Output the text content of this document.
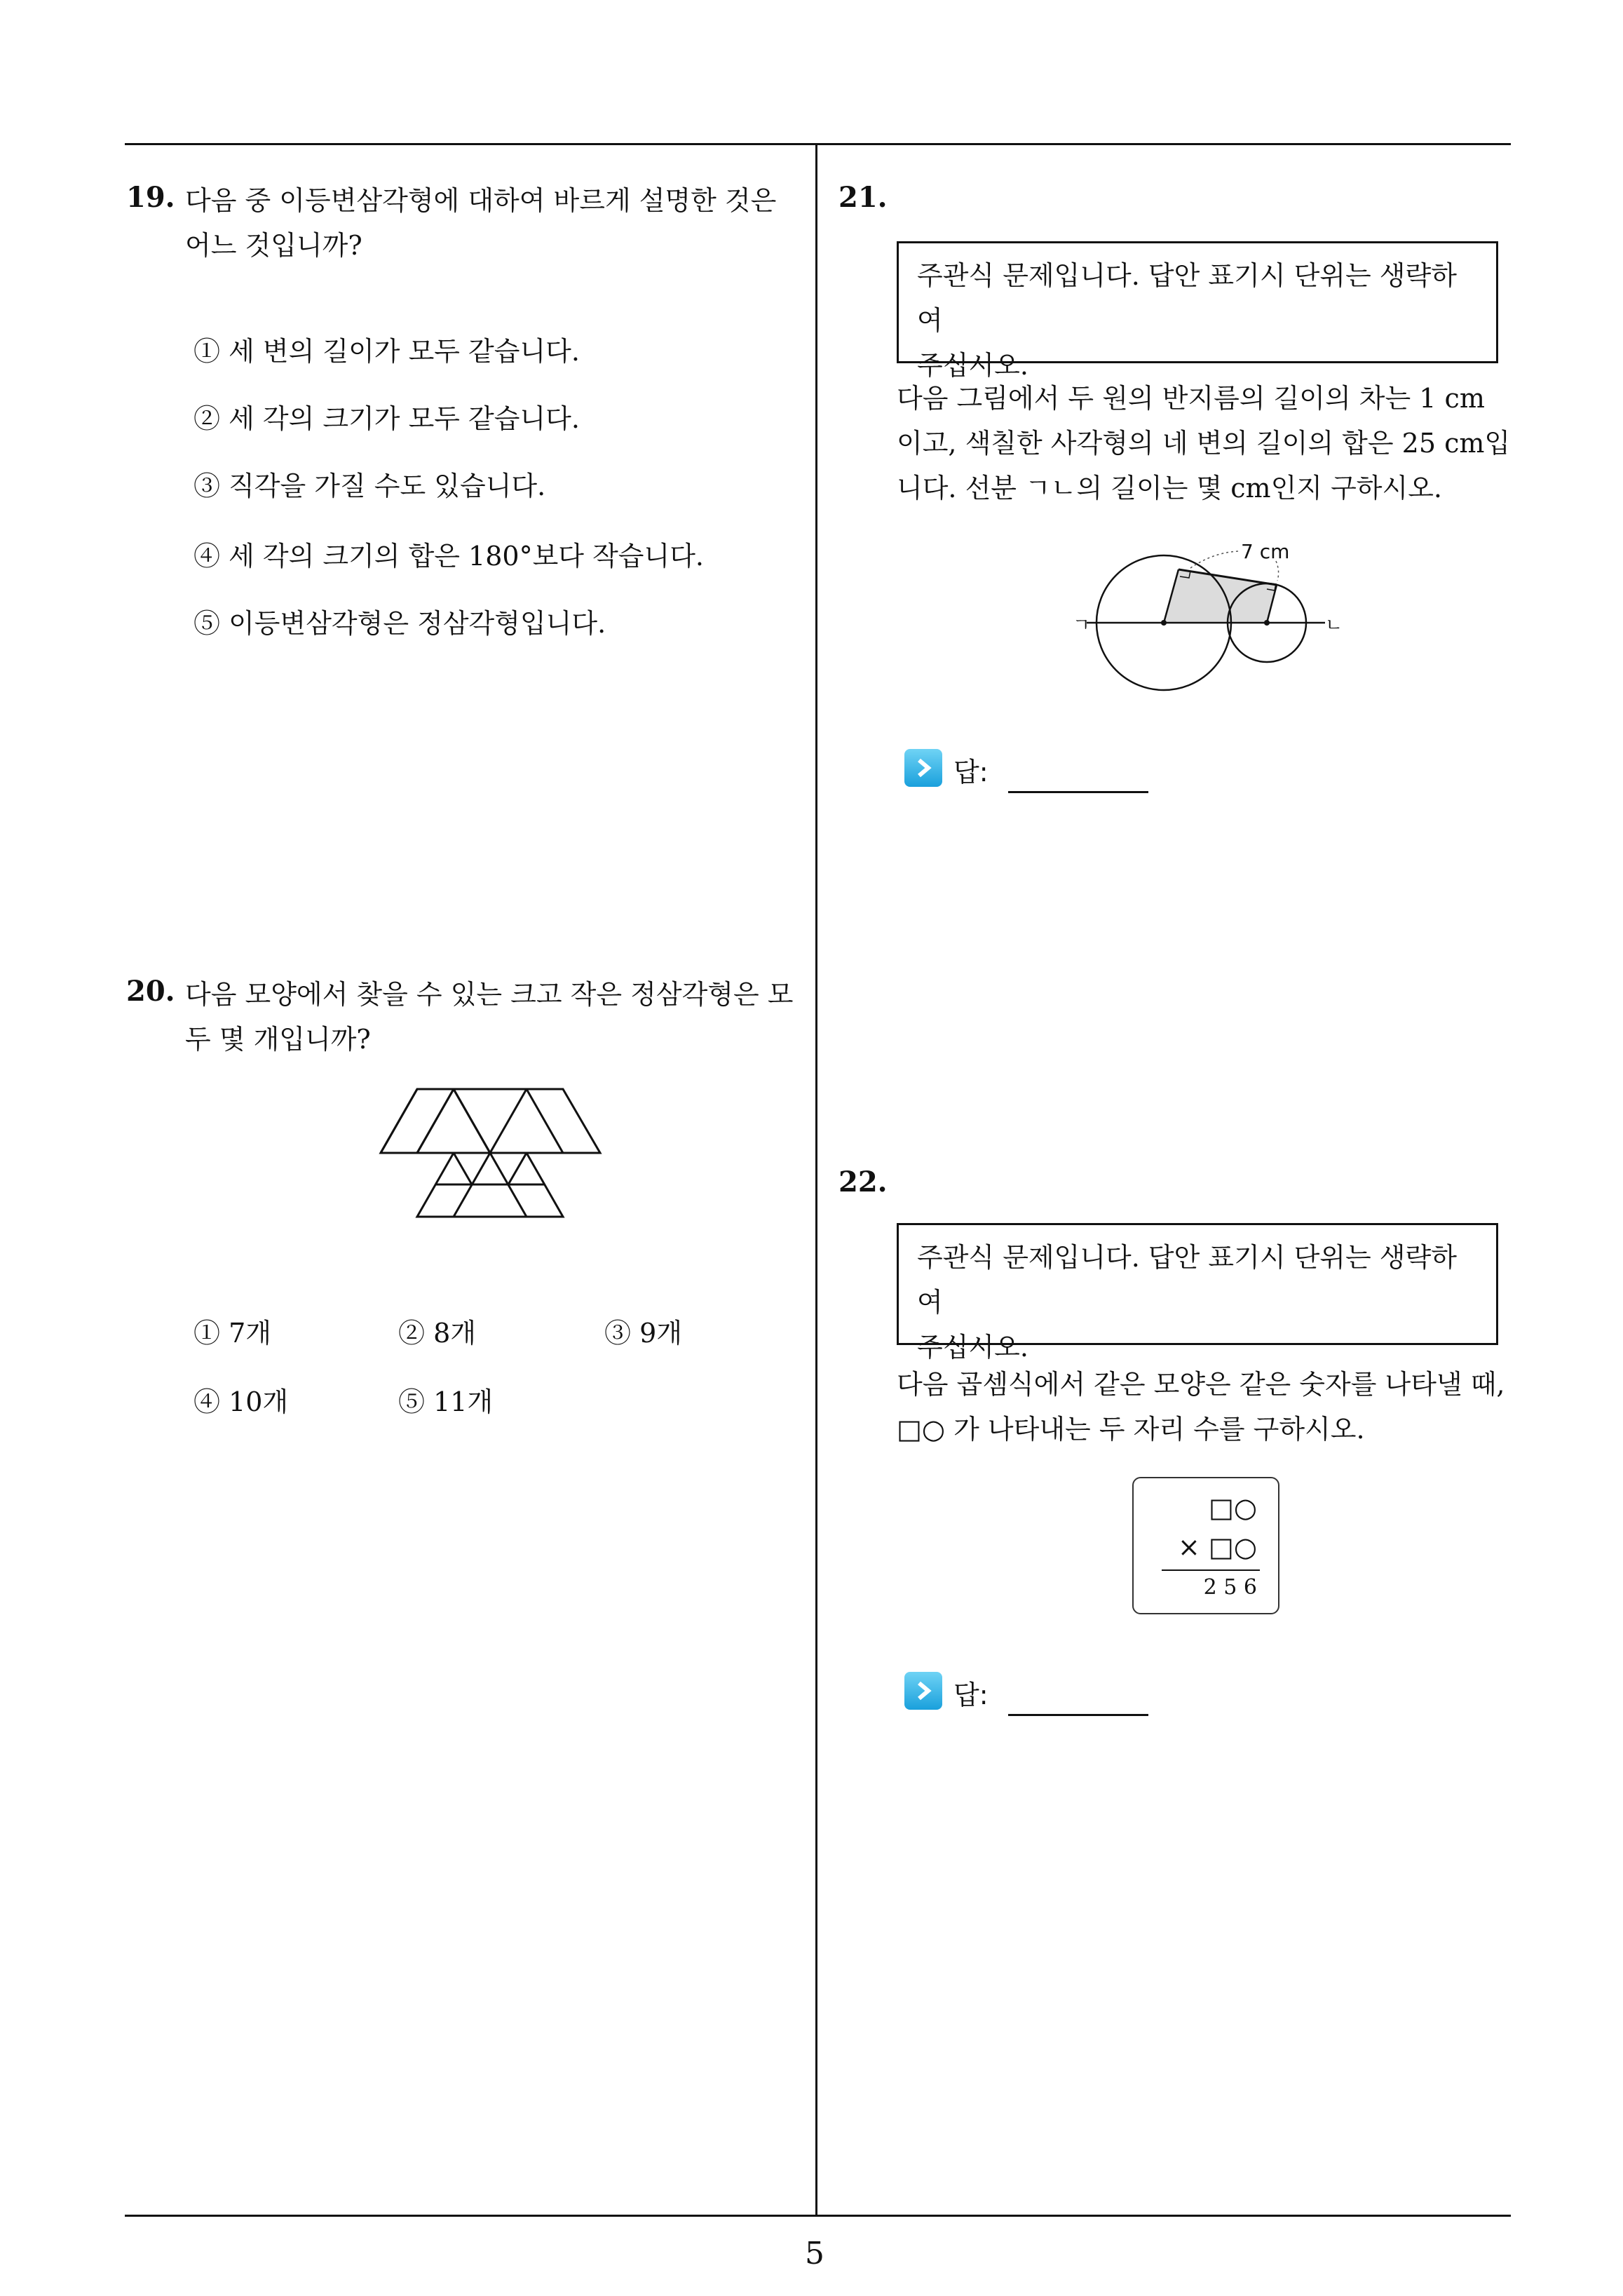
19. 다음 중 이등변삼각형에 대하여 바르게 설명한 것은
어느 것입니까?
① 세 변의 길이가 모두 같습니다.
② 세 각의 크기가 모두 같습니다.
③ 직각을 가질 수도 있습니다.
④ 세 각의 크기의 합은 180°보다 작습니다.
⑤ 이등변삼각형은 정삼각형입니다.
20. 다음 모양에서 찾을 수 있는 크고 작은 정삼각형은 모
두 몇 개입니까?
① 7개	② 8개	③ 9개
④ 10개	⑤ 11개
21.
주관식 문제입니다. 답안 표기시 단위는 생략하여
주십시오.
다음 그림에서 두 원의 반지름의 길이의 차는 1 cm
이고, 색칠한 사각형의 네 변의 길이의 합은 25 cm입
니다. 선분 ㄱㄴ의 길이는 몇 cm인지 구하시오.
7 cm
ㄱ	ㄴ
답:
22.
주관식 문제입니다. 답안 표기시 단위는 생략하여
주십시오.
다음 곱셈식에서 같은 모양은 같은 숫자를 나타낼 때,
□○ 가 나타내는 두 자리 수를 구하시오.
□○
× □○
2 5 6
답:
5
